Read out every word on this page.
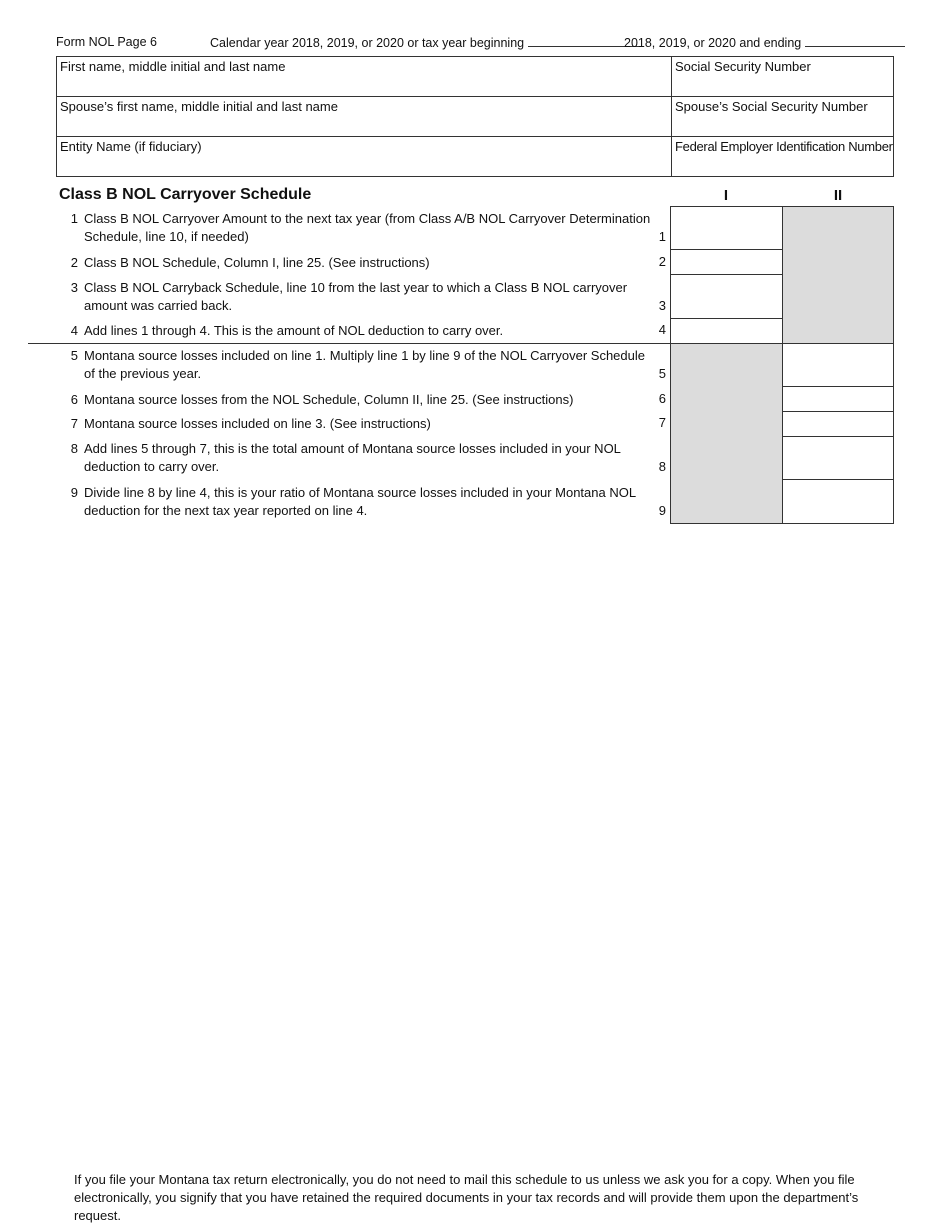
Form NOL Page 6	Calendar year 2018, 2019, or 2020 or tax year beginning	2018, 2019, or 2020 and ending
First name, middle initial and last name	Social Security Number
Spouse’s first name, middle initial and last name	Spouse’s Social Security Number
Entity Name (if fiduciary)	Federal Employer Identification Number
Class B NOL Carryover Schedule	I	II
1 Class B NOL Carryover Amount to the next tax year (from Class A/B NOL Carryover Determination Schedule, line 10, if needed)
2 Class B NOL Schedule, Column I, line 25. (See instructions)
3 Class B NOL Carryback Schedule, line 10 from the last year to which a Class B NOL carryover amount was carried back.
4 Add lines 1 through 4. This is the amount of NOL deduction to carry over.
5 Montana source losses included on line 1. Multiply line 1 by line 9 of the NOL Carryover Schedule of the previous year.
6 Montana source losses from the NOL Schedule, Column II, line 25. (See instructions)
7 Montana source losses included on line 3. (See instructions)
8 Add lines 5 through 7, this is the total amount of Montana source losses included in your NOL deduction to carry over.
9 Divide line 8 by line 4, this is your ratio of Montana source losses included in your Montana NOL deduction for the next tax year reported on line 4.
1
2
3
4
5
6
7
8
9
If you file your Montana tax return electronically, you do not need to mail this schedule to us unless we ask you for a copy. When you file electronically, you signify that you have retained the required documents in your tax records and will provide them upon the department’s request.
